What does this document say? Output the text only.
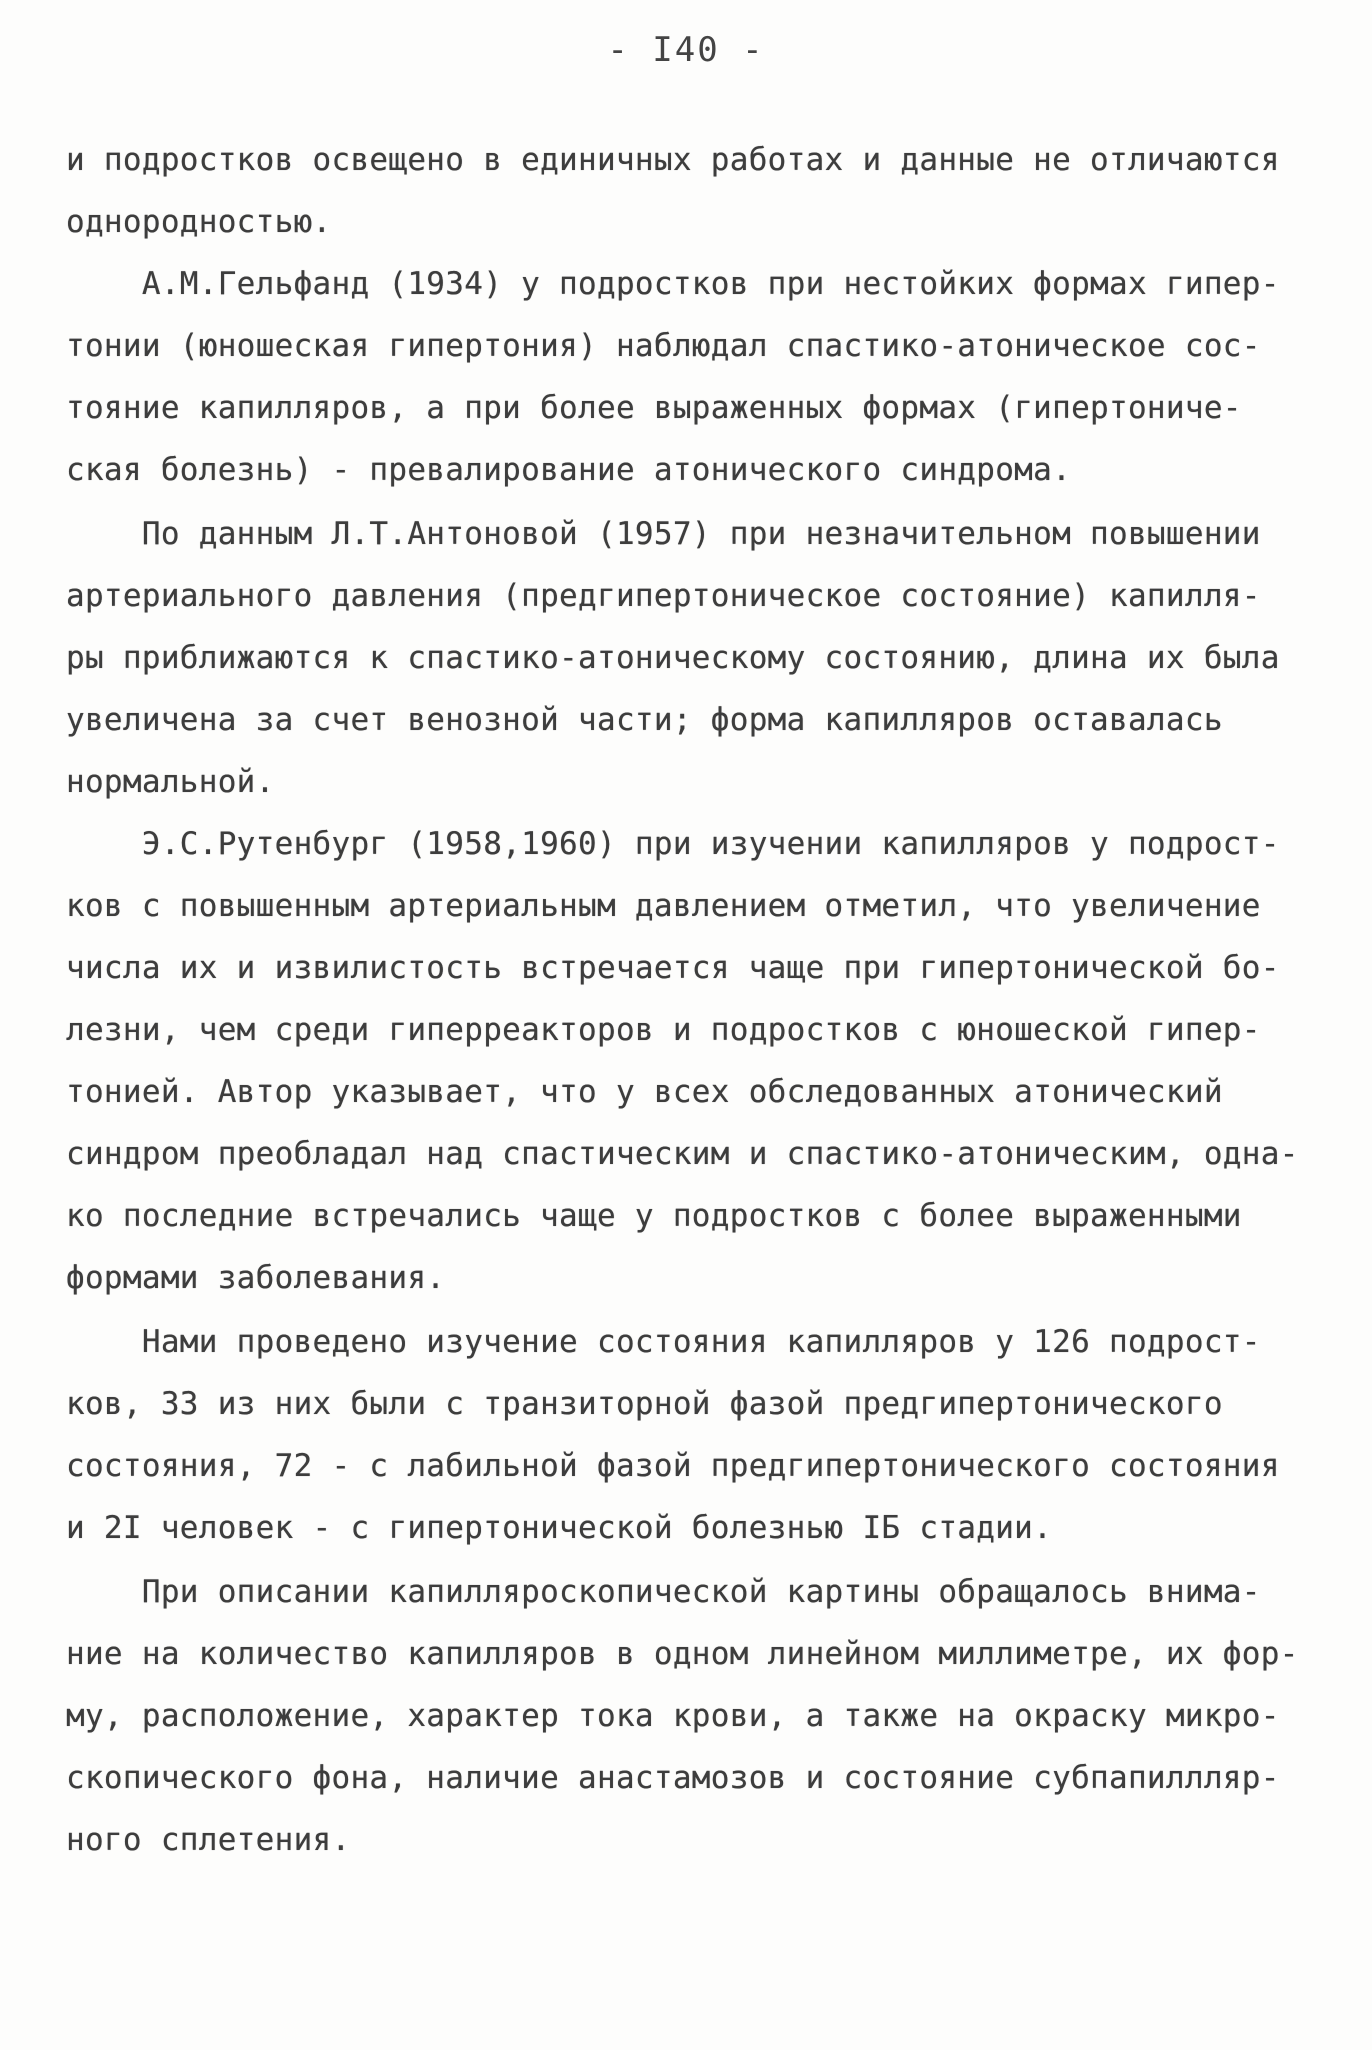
- I40 -
и подростков освещено в единичных работах и данные не отличаются
однородностью.
А.М.Гельфанд (1934) у подростков при нестойких формах гипер-
тонии (юношеская гипертония) наблюдал спастико-атоническое сос-
тояние капилляров, а при более выраженных формах (гипертониче-
ская болезнь) - превалирование атонического синдрома.
По данным Л.Т.Антоновой (1957) при незначительном повышении
артериального давления (предгипертоническое состояние) капилля-
ры приближаются к спастико-атоническому состоянию, длина их была
увеличена за счет венозной части; форма капилляров оставалась
нормальной.
Э.С.Рутенбург (1958,1960) при изучении капилляров у подрост-
ков с повышенным артериальным давлением отметил, что увеличение
числа их и извилистость встречается чаще при гипертонической бо-
лезни, чем среди гиперреакторов и подростков с юношеской гипер-
тонией. Автор указывает, что у всех обследованных атонический
синдром преобладал над спастическим и спастико-атоническим, одна-
ко последние встречались чаще у подростков с более выраженными
формами заболевания.
Нами проведено изучение состояния капилляров у 126 подрост-
ков, 33 из них были с транзиторной фазой предгипертонического
состояния, 72 - с лабильной фазой предгипертонического состояния
и 2I человек - с гипертонической болезнью IБ стадии.
При описании капилляроскопической картины обращалось внима-
ние на количество капилляров в одном линейном миллиметре, их фор-
му, расположение, характер тока крови, а также на окраску микро-
скопического фона, наличие анастамозов и состояние субпапиллляр-
ного сплетения.
